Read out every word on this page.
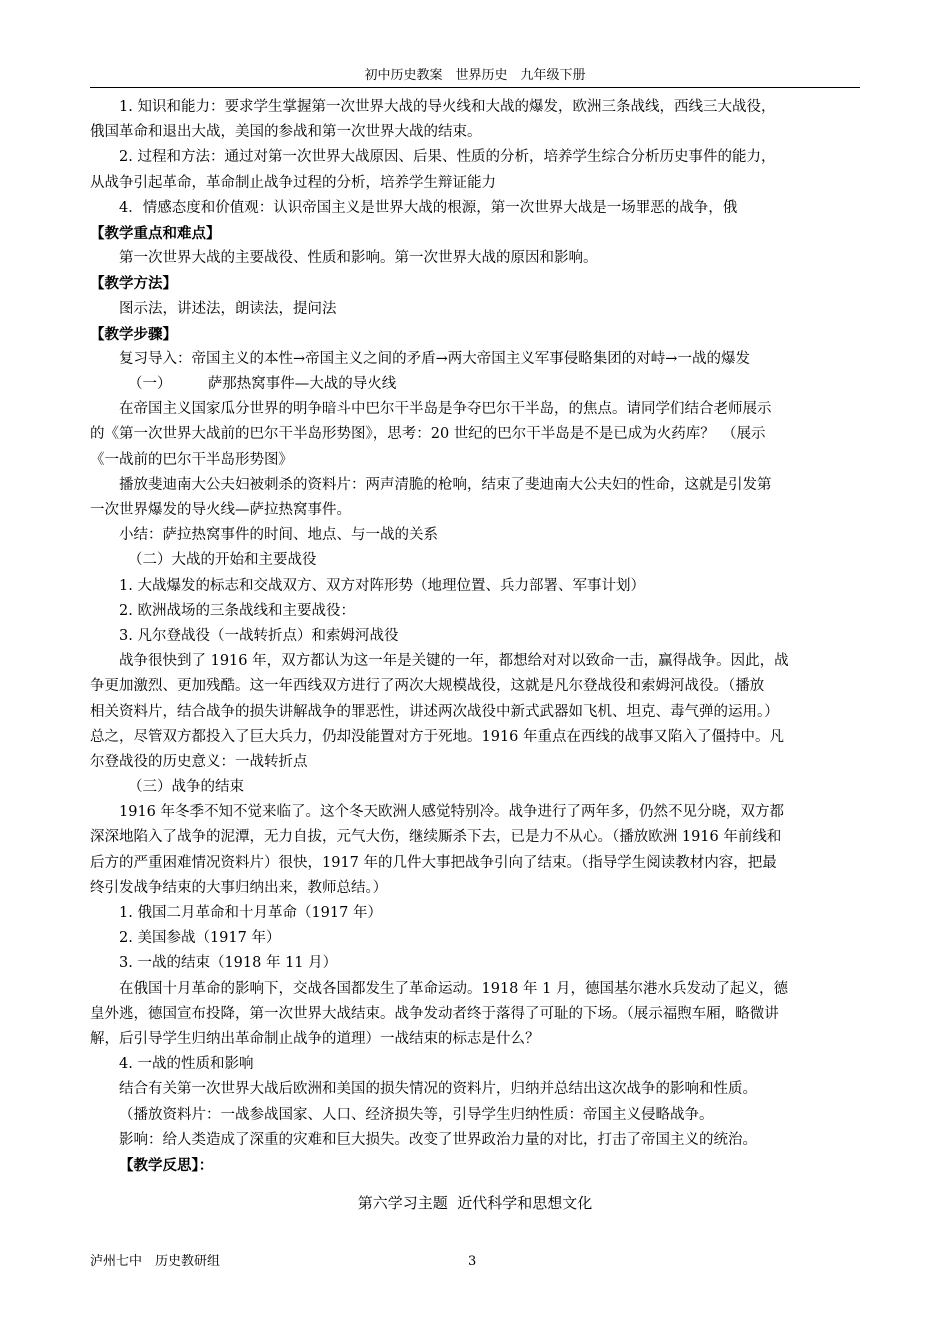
初中历史教案　世界历史　九年级下册
1. 知识和能力：要求学生掌握第一次世界大战的导火线和大战的爆发，欧洲三条战线，西线三大战役，
俄国革命和退出大战，美国的参战和第一次世界大战的结束。
2. 过程和方法：通过对第一次世界大战原因、后果、性质的分析，培养学生综合分析历史事件的能力，
从战争引起革命，革命制止战争过程的分析，培养学生辩证能力
4．情感态度和价值观：认识帝国主义是世界大战的根源，第一次世界大战是一场罪恶的战争，俄
【教学重点和难点】
第一次世界大战的主要战役、性质和影响。第一次世界大战的原因和影响。
【教学方法】
图示法，讲述法，朗读法，提问法
【教学步骤】
复习导入：帝国主义的本性→帝国主义之间的矛盾→两大帝国主义军事侵略集团的对峙→一战的爆发
（一）　　　萨那热窝事件—大战的导火线
在帝国主义国家瓜分世界的明争暗斗中巴尔干半岛是争夺巴尔干半岛，的焦点。请同学们结合老师展示
的《第一次世界大战前的巴尔干半岛形势图》，思考：20 世纪的巴尔干半岛是不是已成为火药库？　（展示
《一战前的巴尔干半岛形势图》
播放斐迪南大公夫妇被刺杀的资料片：两声清脆的枪响，结束了斐迪南大公夫妇的性命，这就是引发第
一次世界爆发的导火线—萨拉热窝事件。
小结：萨拉热窝事件的时间、地点、与一战的关系
（二）大战的开始和主要战役
1. 大战爆发的标志和交战双方、双方对阵形势（地理位置、兵力部署、军事计划）
2. 欧洲战场的三条战线和主要战役：
3. 凡尔登战役（一战转折点）和索姆河战役
战争很快到了 1916 年，双方都认为这一年是关键的一年，都想给对对以致命一击，赢得战争。因此，战
争更加激烈、更加残酷。这一年西线双方进行了两次大规模战役，这就是凡尔登战役和索姆河战役。（播放
相关资料片，结合战争的损失讲解战争的罪恶性，讲述两次战役中新式武器如飞机、坦克、毒气弹的运用。）
总之，尽管双方都投入了巨大兵力，仍却没能置对方于死地。1916 年重点在西线的战事又陷入了僵持中。凡
尔登战役的历史意义：一战转折点
（三）战争的结束
1916 年冬季不知不觉来临了。这个冬天欧洲人感觉特别冷。战争进行了两年多，仍然不见分晓，双方都
深深地陷入了战争的泥潭，无力自拔，元气大伤，继续厮杀下去，已是力不从心。（播放欧洲 1916 年前线和
后方的严重困难情况资料片）很快，1917 年的几件大事把战争引向了结束。（指导学生阅读教材内容，把最
终引发战争结束的大事归纳出来，教师总结。）
1. 俄国二月革命和十月革命（1917 年）
2. 美国参战（1917 年）
3. 一战的结束（1918 年 11 月）
在俄国十月革命的影响下，交战各国都发生了革命运动。1918 年 1 月，德国基尔港水兵发动了起义，德
皇外逃，德国宣布投降，第一次世界大战结束。战争发动者终于落得了可耻的下场。（展示福煦车厢，略微讲
解，后引导学生归纳出革命制止战争的道理）一战结束的标志是什么？
4. 一战的性质和影响
结合有关第一次世界大战后欧洲和美国的损失情况的资料片，归纳并总结出这次战争的影响和性质。
（播放资料片：一战参战国家、人口、经济损失等，引导学生归纳性质：帝国主义侵略战争。
影响：给人类造成了深重的灾难和巨大损失。改变了世界政治力量的对比，打击了帝国主义的统治。
【教学反思】：
第六学习主题  近代科学和思想文化
泸州七中　历史教研组	3
